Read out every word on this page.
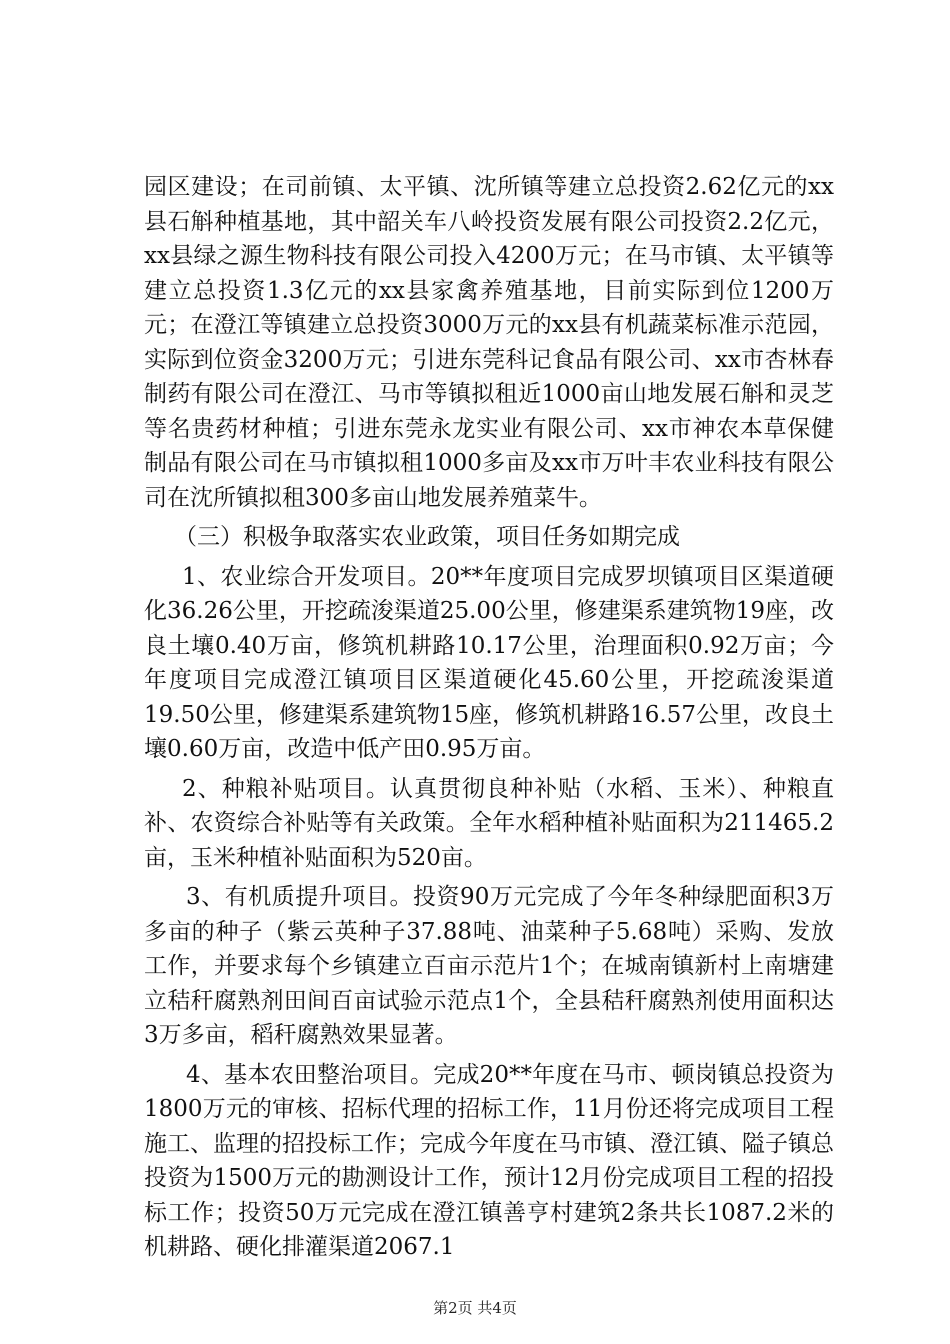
园区建设；在司前镇、太平镇、沈所镇等建立总投资2.62亿元的xx县石斛种植基地，其中韶关车八岭投资发展有限公司投资2.2亿元，xx县绿之源生物科技有限公司投入4200万元；在马市镇、太平镇等建立总投资1.3亿元的xx县家禽养殖基地，目前实际到位1200万元；在澄江等镇建立总投资3000万元的xx县有机蔬菜标准示范园，实际到位资金3200万元；引进东莞科记食品有限公司、xx市杏林春制药有限公司在澄江、马市等镇拟租近1000亩山地发展石斛和灵芝等名贵药材种植；引进东莞永龙实业有限公司、xx市神农本草保健制品有限公司在马市镇拟租1000多亩及xx市万叶丰农业科技有限公司在沈所镇拟租300多亩山地发展养殖菜牛。

（三）积极争取落实农业政策，项目任务如期完成

1、农业综合开发项目。20**年度项目完成罗坝镇项目区渠道硬化36.26公里，开挖疏浚渠道25.00公里，修建渠系建筑物19座，改良土壤0.40万亩，修筑机耕路10.17公里，治理面积0.92万亩；今年度项目完成澄江镇项目区渠道硬化45.60公里，开挖疏浚渠道19.50公里，修建渠系建筑物15座，修筑机耕路16.57公里，改良土壤0.60万亩，改造中低产田0.95万亩。

2、种粮补贴项目。认真贯彻良种补贴（水稻、玉米）、种粮直补、农资综合补贴等有关政策。全年水稻种植补贴面积为211465.2亩，玉米种植补贴面积为520亩。

3、有机质提升项目。投资90万元完成了今年冬种绿肥面积3万多亩的种子（紫云英种子37.88吨、油菜种子5.68吨）采购、发放工作，并要求每个乡镇建立百亩示范片1个；在城南镇新村上南塘建立秸秆腐熟剂田间百亩试验示范点1个，全县秸秆腐熟剂使用面积达3万多亩，稻秆腐熟效果显著。

4、基本农田整治项目。完成20**年度在马市、顿岗镇总投资为1800万元的审核、招标代理的招标工作，11月份还将完成项目工程施工、监理的招投标工作；完成今年度在马市镇、澄江镇、隘子镇总投资为1500万元的勘测设计工作，预计12月份完成项目工程的招投标工作；投资50万元完成在澄江镇善亨村建筑2条共长1087.2米的机耕路、硬化排灌渠道2067.1

第2页 共4页
